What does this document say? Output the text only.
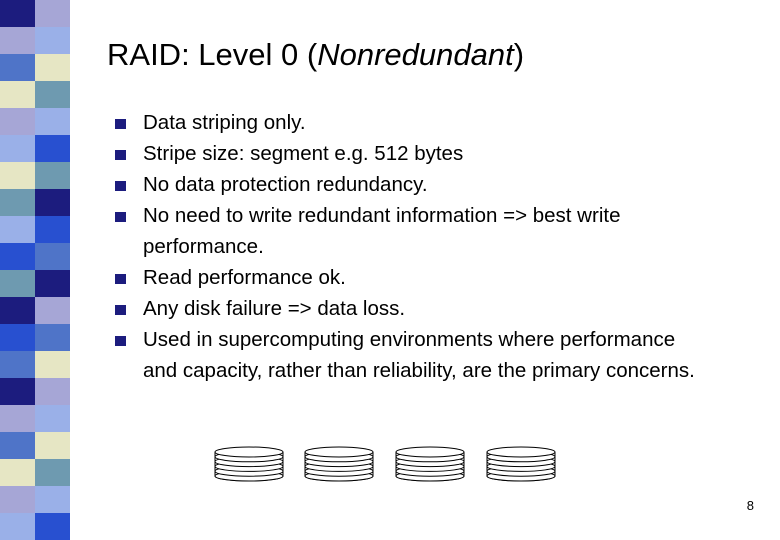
RAID: Level 0 (Nonredundant)
Data striping only.
Stripe size: segment e.g. 512 bytes
No data protection redundancy.
No need to write redundant information => best write performance.
Read performance ok.
Any disk failure => data loss.
Used in supercomputing environments where performance and capacity, rather than reliability, are the primary concerns.
8
